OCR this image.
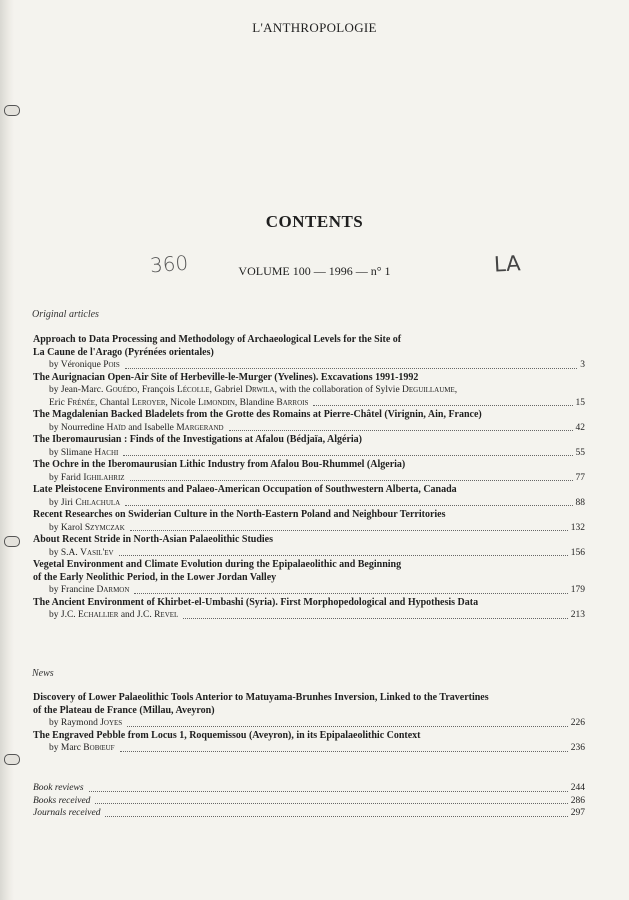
L'ANTHROPOLOGIE
CONTENTS
360	VOLUME 100 — 1996 — n° 1	LA
Original articles
Approach to Data Processing and Methodology of Archaeological Levels for the Site of
La Caune de l'Arago (Pyrénées orientales)
by Véronique Pois	3
The Aurignacian Open-Air Site of Herbeville-le-Murger (Yvelines). Excavations 1991-1992
by Jean-Marc. Gouédo, François Lécolle, Gabriel Drwila, with the collaboration of Sylvie Deguillaume,
Eric Frénée, Chantal Leroyer, Nicole Limondin, Blandine Barrois	15
The Magdalenian Backed Bladelets from the Grotte des Romains at Pierre-Châtel (Virignin, Ain, France)
by Nourredine Haïd and Isabelle Margerand	42
The Iberomaurusian : Finds of the Investigations at Afalou (Bédjaïa, Algéria)
by Slimane Hachi	55
The Ochre in the Iberomaurusian Lithic Industry from Afalou Bou-Rhummel (Algeria)
by Farid Ighilahriz	77
Late Pleistocene Environments and Palaeo-American Occupation of Southwestern Alberta, Canada
by Jiri Chlachula	88
Recent Researches on Swiderian Culture in the North-Eastern Poland and Neighbour Territories
by Karol Szymczak	132
About Recent Stride in North-Asian Palaeolithic Studies
by S.A. Vasil'ev	156
Vegetal Environment and Climate Evolution during the Epipalaeolithic and Beginning
of the Early Neolithic Period, in the Lower Jordan Valley
by Francine Darmon	179
The Ancient Environment of Khirbet-el-Umbashi (Syria). First Morphopedological and Hypothesis Data
by J.C. Echallier and J.C. Revel	213
News
Discovery of Lower Palaeolithic Tools Anterior to Matuyama-Brunhes Inversion, Linked to the Travertines
of the Plateau de France (Millau, Aveyron)
by Raymond Joyes	226
The Engraved Pebble from Locus 1, Roquemissou (Aveyron), in its Epipalaeolithic Context
by Marc Bobœuf	236
Book reviews	244
Books received	286
Journals received	297
